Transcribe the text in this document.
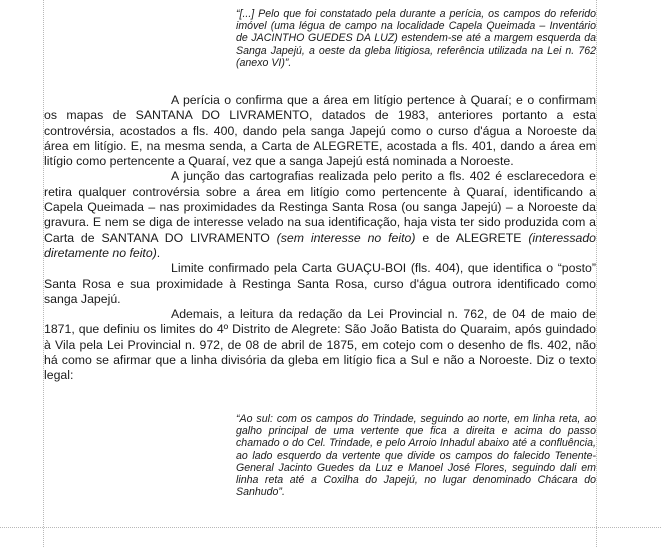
“[...] Pelo que foi constatado pela durante a perícia, os campos do referido imóvel (uma légua de campo na localidade Capela Queimada – Inventário de JACINTHO GUEDES DA LUZ) estendem-se até a margem esquerda da Sanga Japejú, a oeste da gleba litigiosa, referência utilizada na Lei n. 762 (anexo VI)”.

A perícia o confirma que a área em litígio pertence à Quaraí; e o confirmam os mapas de SANTANA DO LIVRAMENTO, datados de 1983, anteriores portanto a esta controvérsia, acostados a fls. 400, dando pela sanga Japejú como o curso d'água a Noroeste da área em litígio. E, na mesma senda, a Carta de ALEGRETE, acostada a fls. 401, dando a área em litígio como pertencente a Quaraí, vez que a sanga Japejú está nominada a Noroeste.

A junção das cartografias realizada pelo perito a fls. 402 é esclarecedora e retira qualquer controvérsia sobre a área em litígio como pertencente à Quaraí, identificando a Capela Queimada – nas proximidades da Restinga Santa Rosa (ou sanga Japejú) – a Noroeste da gravura. E nem se diga de interesse velado na sua identificação, haja vista ter sido produzida com a Carta de SANTANA DO LIVRAMENTO (sem interesse no feito) e de ALEGRETE (interessado diretamente no feito).

Limite confirmado pela Carta GUAÇU-BOI (fls. 404), que identifica o “posto” Santa Rosa e sua proximidade à Restinga Santa Rosa, curso d'água outrora identificado como sanga Japejú.

Ademais, a leitura da redação da Lei Provincial n. 762, de 04 de maio de 1871, que definiu os limites do 4º Distrito de Alegrete: São João Batista do Quaraim, após guindado à Vila pela Lei Provincial n. 972, de 08 de abril de 1875, em cotejo com o desenho de fls. 402, não há como se afirmar que a linha divisória da gleba em litígio fica a Sul e não a Noroeste. Diz o texto legal:

“Ao sul: com os campos do Trindade, seguindo ao norte, em linha reta, ao galho principal de uma vertente que fica a direita e acima do passo chamado o do Cel. Trindade, e pelo Arroio Inhadul abaixo até a confluência, ao lado esquerdo da vertente que divide os campos do falecido Tenente-General Jacinto Guedes da Luz e Manoel José Flores, seguindo dali em linha reta até a Coxilha do Japejú, no lugar denominado Chácara do Sanhudo”.
